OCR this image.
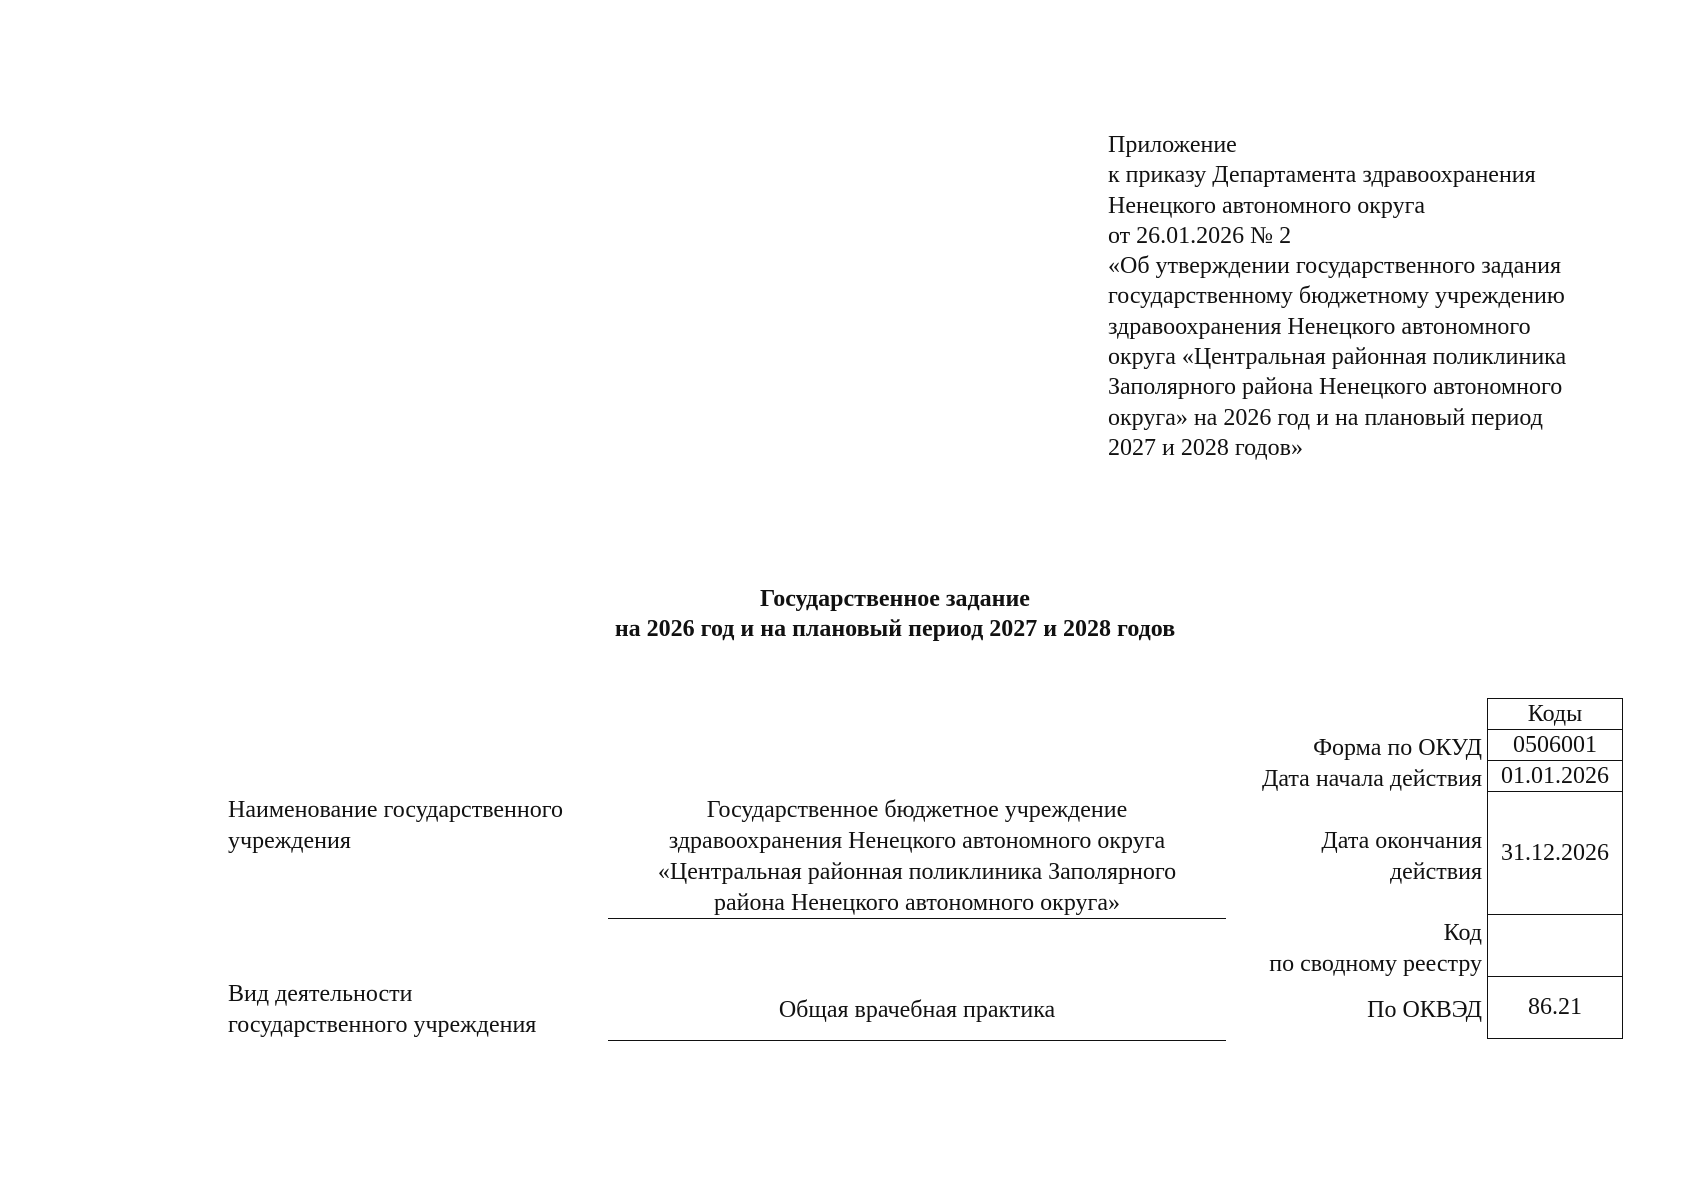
Приложение
к приказу Департамента здравоохранения
Ненецкого автономного округа
от 26.01.2026 № 2
«Об утверждении государственного задания
государственному бюджетному учреждению
здравоохранения Ненецкого автономного
округа «Центральная районная поликлиника
Заполярного района Ненецкого автономного
округа» на 2026 год и на плановый период
2027 и 2028 годов»
Государственное задание
на 2026 год и на плановый период 2027 и 2028 годов
Наименование государственного
учреждения
Государственное бюджетное учреждение
здравоохранения Ненецкого автономного округа
«Центральная районная поликлиника Заполярного
района Ненецкого автономного округа»
Вид деятельности
государственного учреждения
Общая врачебная практика
Форма по ОКУД
Дата начала действия
Дата окончания
действия
Код
по сводному реестру
По ОКВЭД
Коды
0506001
01.01.2026
31.12.2026
86.21
